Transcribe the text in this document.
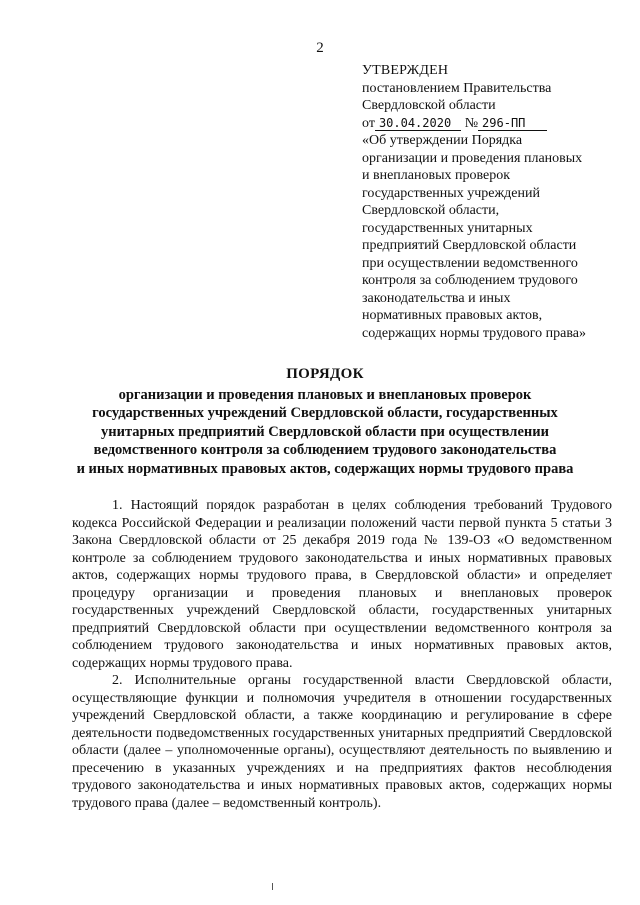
2
УТВЕРЖДЕН
постановлением Правительства
Свердловской области
от 30.04.2020 № 296-ПП
«Об утверждении Порядка
организации и проведения плановых
и внеплановых проверок
государственных учреждений
Свердловской области,
государственных унитарных
предприятий Свердловской области
при осуществлении ведомственного
контроля за соблюдением трудового
законодательства и иных
нормативных правовых актов,
содержащих нормы трудового права»
ПОРЯДОК
организации и проведения плановых и внеплановых проверок
государственных учреждений Свердловской области, государственных
унитарных предприятий Свердловской области при осуществлении
ведомственного контроля за соблюдением трудового законодательства
и иных нормативных правовых актов, содержащих нормы трудового права

1. Настоящий порядок разработан в целях соблюдения требований Трудового кодекса Российской Федерации и реализации положений части первой пункта 5 статьи 3 Закона Свердловской области от 25 декабря 2019 года № 139-ОЗ «О ведомственном контроле за соблюдением трудового законодательства и иных нормативных правовых актов, содержащих нормы трудового права, в Свердловской области» и определяет процедуру организации и проведения плановых и внеплановых проверок государственных учреждений Свердловской области, государственных унитарных предприятий Свердловской области при осуществлении ведомственного контроля за соблюдением трудового законодательства и иных нормативных правовых актов, содержащих нормы трудового права.

2. Исполнительные органы государственной власти Свердловской области, осуществляющие функции и полномочия учредителя в отношении государственных учреждений Свердловской области, а также координацию и регулирование в сфере деятельности подведомственных государственных унитарных предприятий Свердловской области (далее – уполномоченные органы), осуществляют деятельность по выявлению и пресечению в указанных учреждениях и на предприятиях фактов несоблюдения трудового законодательства и иных нормативных правовых актов, содержащих нормы трудового права (далее – ведомственный контроль).
